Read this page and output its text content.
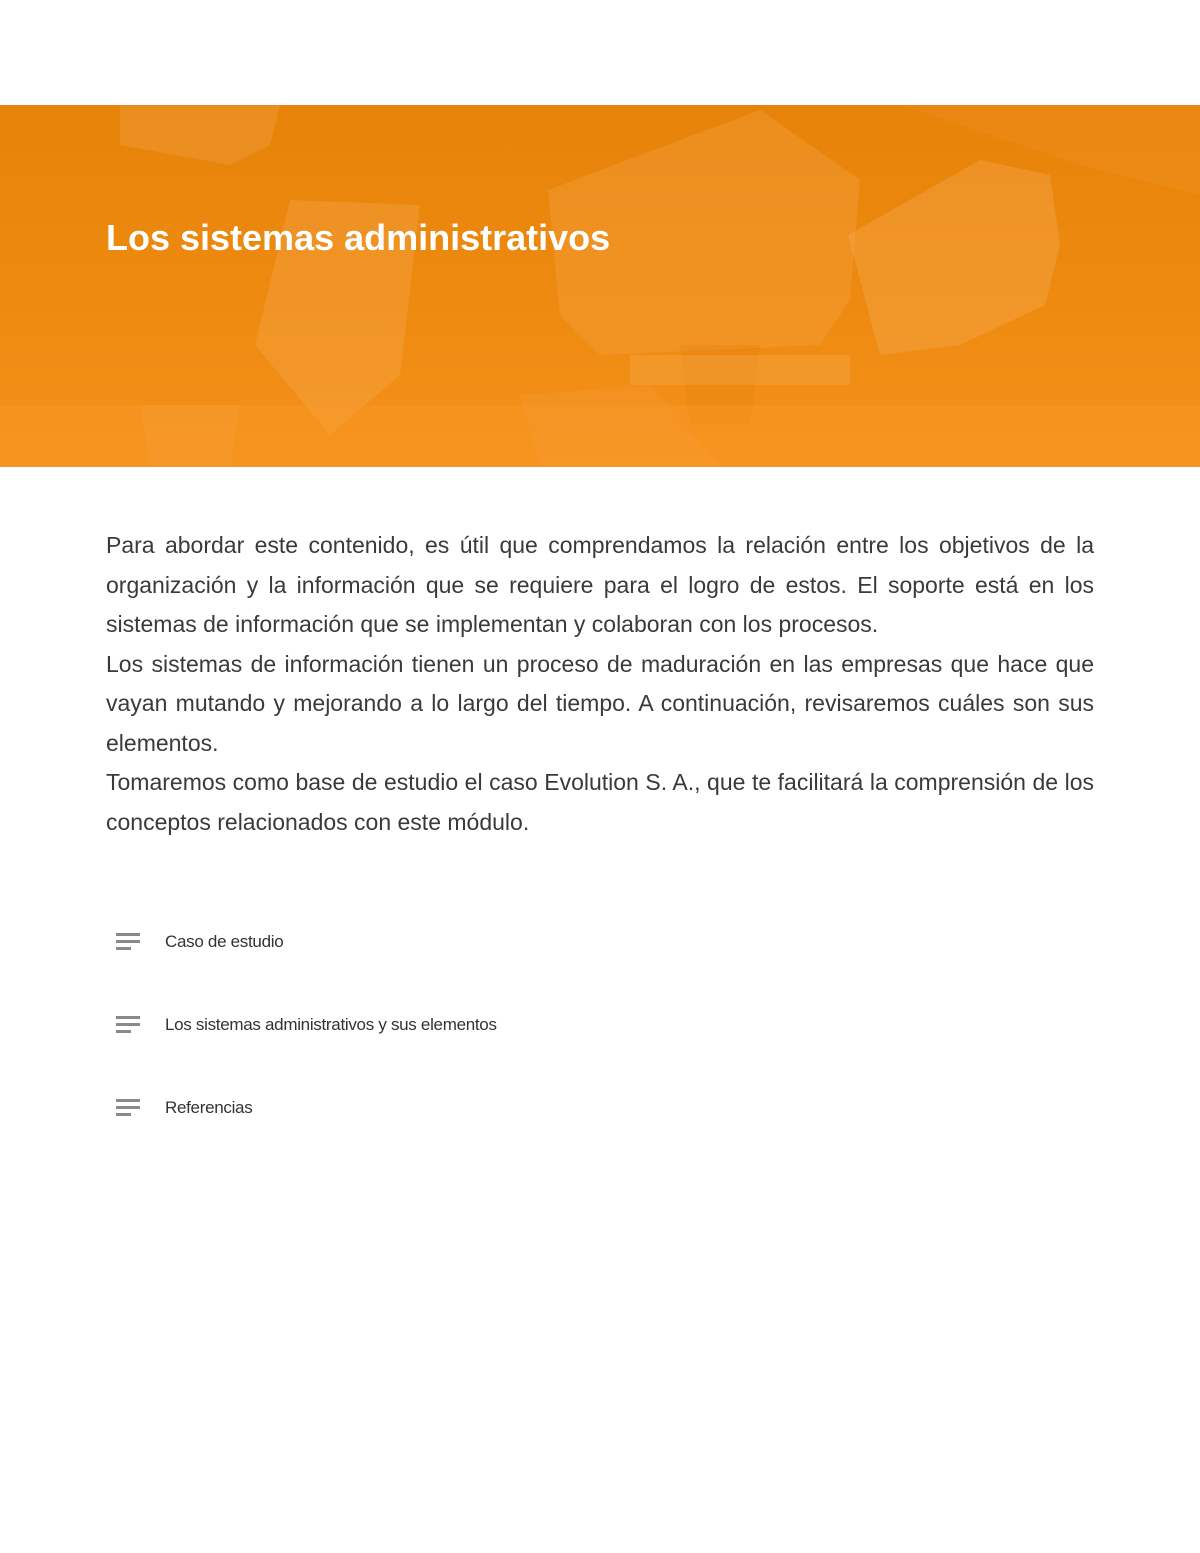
Los sistemas administrativos

Para abordar este contenido, es útil que comprendamos la relación entre los objetivos de la organización y la información que se requiere para el logro de estos. El soporte está en los sistemas de información que se implementan y colaboran con los procesos.

Los sistemas de información tienen un proceso de maduración en las empresas que hace que vayan mutando y mejorando a lo largo del tiempo. A continuación, revisaremos cuáles son sus elementos.

Tomaremos como base de estudio el caso Evolution S. A., que te facilitará la comprensión de los conceptos relacionados con este módulo.

Caso de estudio
Los sistemas administrativos y sus elementos
Referencias
